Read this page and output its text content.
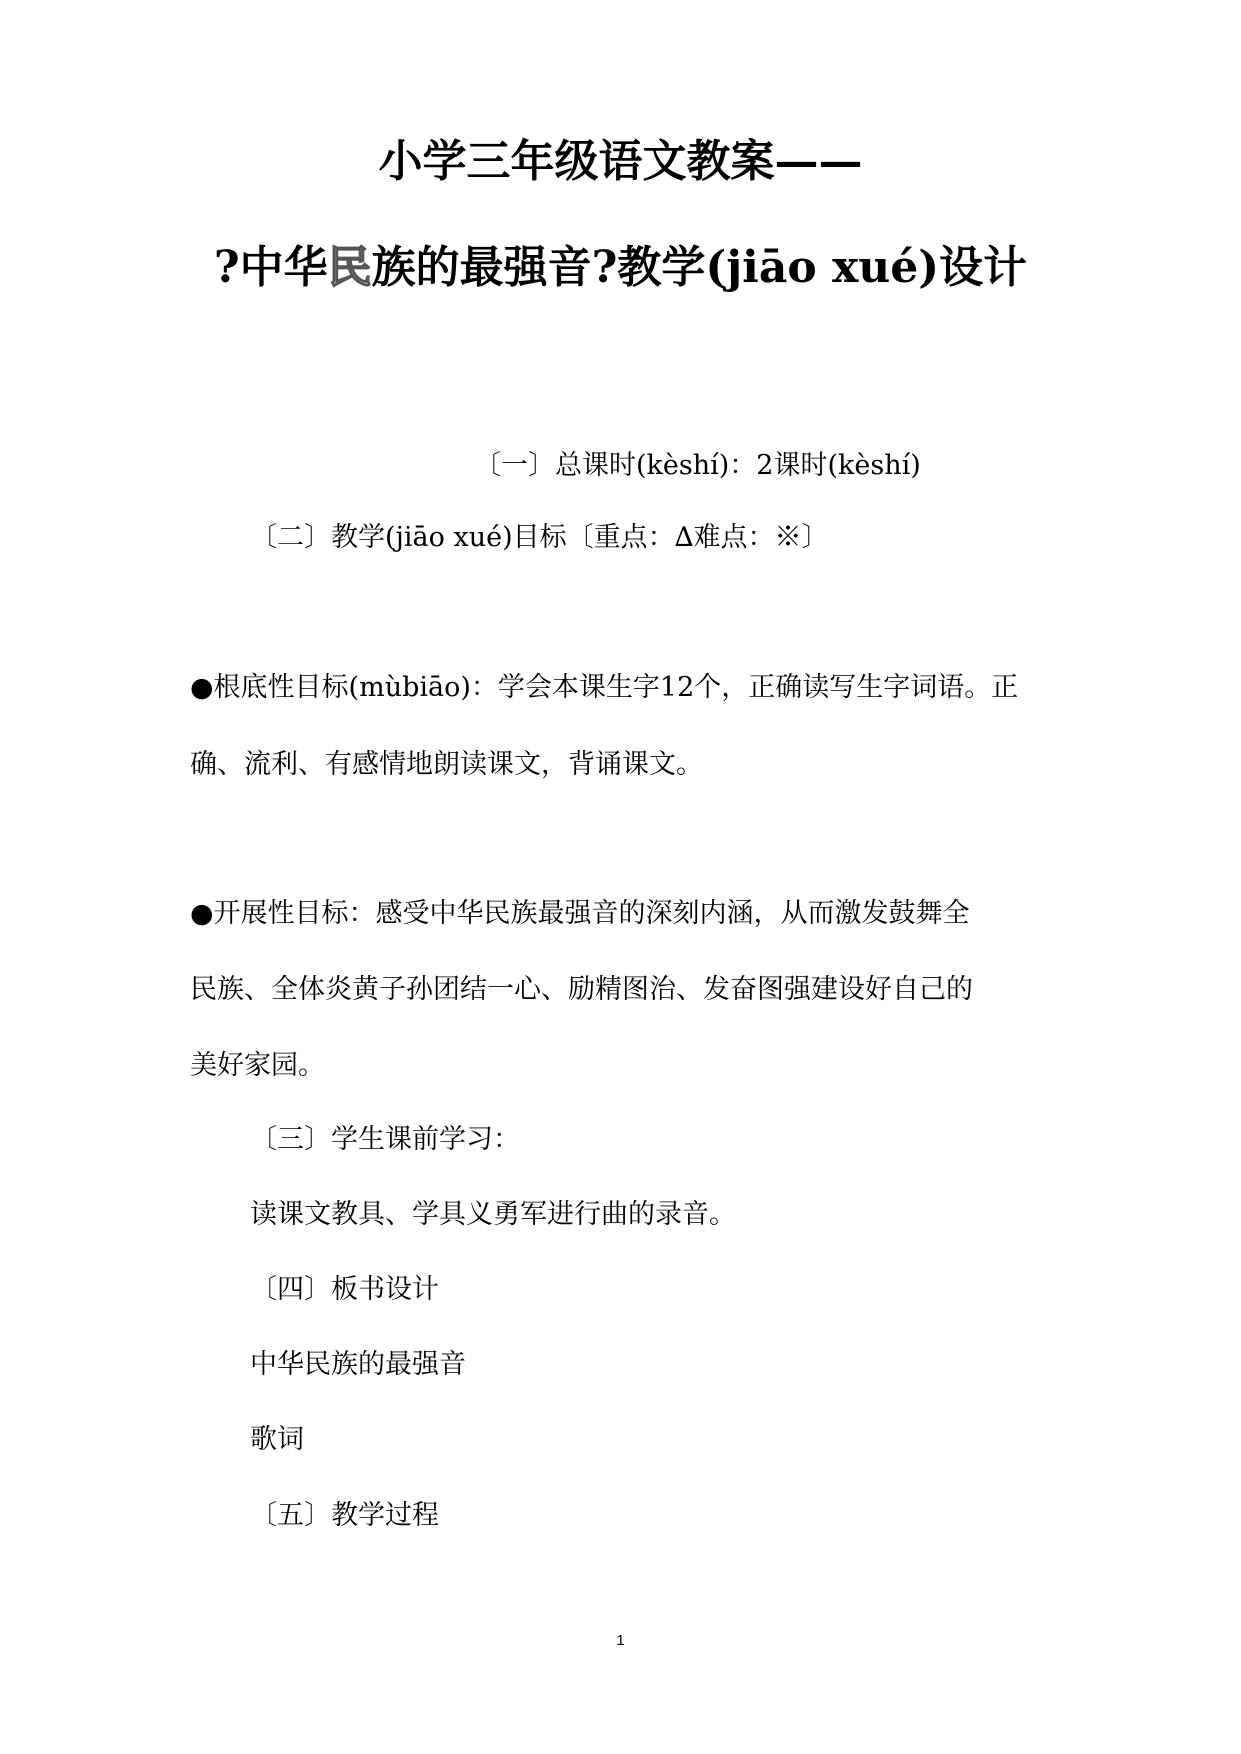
小学三年级语文教案——
?中华民族的最强音?教学(jiāo xué)设计
〔一〕总课时(kèshí)：2课时(kèshí)
〔二〕教学(jiāo xué)目标〔重点：∆难点：※〕
●根底性目标(mùbiāo)：学会本课生字12个，正确读写生字词语。正
确、流利、有感情地朗读课文，背诵课文。
●开展性目标：感受中华民族最强音的深刻内涵，从而激发鼓舞全
民族、全体炎黄子孙团结一心、励精图治、发奋图强建设好自己的
美好家园。
〔三〕学生课前学习：
读课文教具、学具义勇军进行曲的录音。
〔四〕板书设计
中华民族的最强音
歌词
〔五〕教学过程
1
